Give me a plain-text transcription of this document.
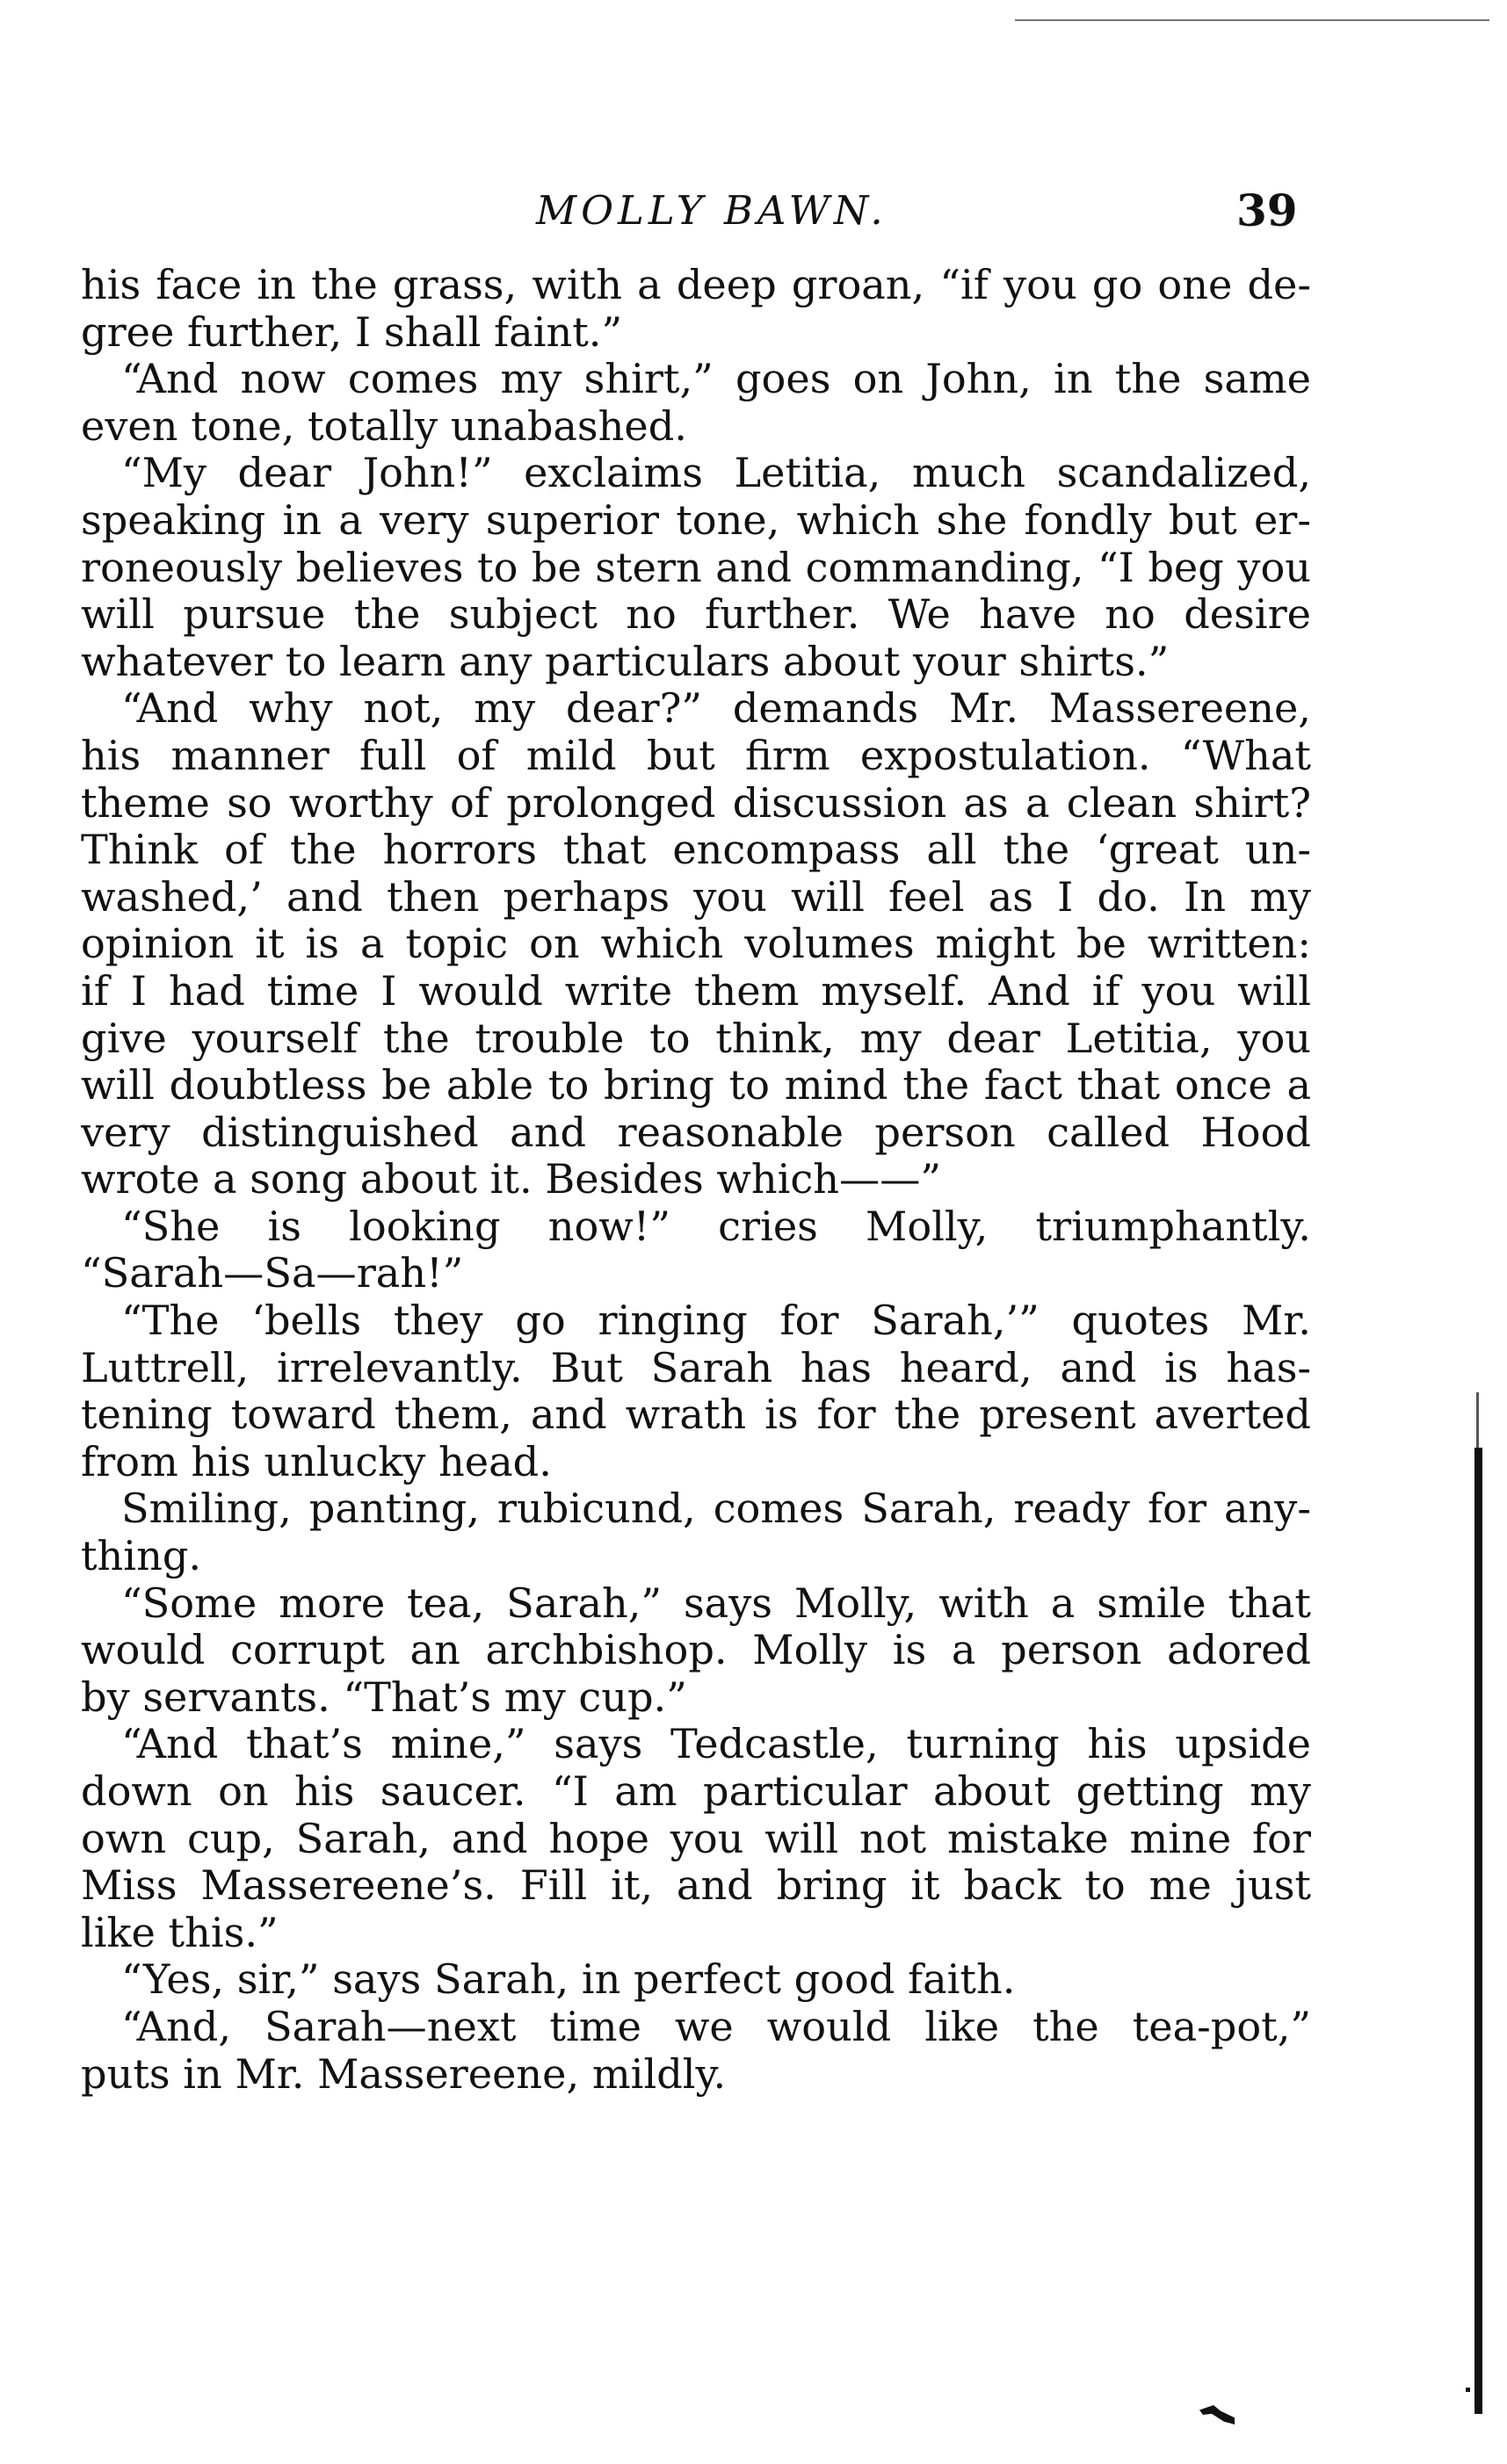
MOLLY BAWN.	39
his face in the grass, with a deep groan, “if you go one de-
gree further, I shall faint.”
“And now comes my shirt,” goes on John, in the same
even tone, totally unabashed.
“My dear John!” exclaims Letitia, much scandalized,
speaking in a very superior tone, which she fondly but er-
roneously believes to be stern and commanding, “I beg you
will pursue the subject no further. We have no desire
whatever to learn any particulars about your shirts.”
“And why not, my dear?” demands Mr. Massereene,
his manner full of mild but firm expostulation. “What
theme so worthy of prolonged discussion as a clean shirt?
Think of the horrors that encompass all the ‘great un-
washed,’ and then perhaps you will feel as I do. In my
opinion it is a topic on which volumes might be written:
if I had time I would write them myself. And if you will
give yourself the trouble to think, my dear Letitia, you
will doubtless be able to bring to mind the fact that once a
very distinguished and reasonable person called Hood
wrote a song about it. Besides which——”
“She is looking now!” cries Molly, triumphantly.
“Sarah—Sa—rah!”
“The ‘bells they go ringing for Sarah,’” quotes Mr.
Luttrell, irrelevantly. But Sarah has heard, and is has-
tening toward them, and wrath is for the present averted
from his unlucky head.
Smiling, panting, rubicund, comes Sarah, ready for any-
thing.
“Some more tea, Sarah,” says Molly, with a smile that
would corrupt an archbishop. Molly is a person adored
by servants. “That’s my cup.”
“And that’s mine,” says Tedcastle, turning his upside
down on his saucer. “I am particular about getting my
own cup, Sarah, and hope you will not mistake mine for
Miss Massereene’s. Fill it, and bring it back to me just
like this.”
“Yes, sir,” says Sarah, in perfect good faith.
“And, Sarah—next time we would like the tea-pot,”
puts in Mr. Massereene, mildly.
